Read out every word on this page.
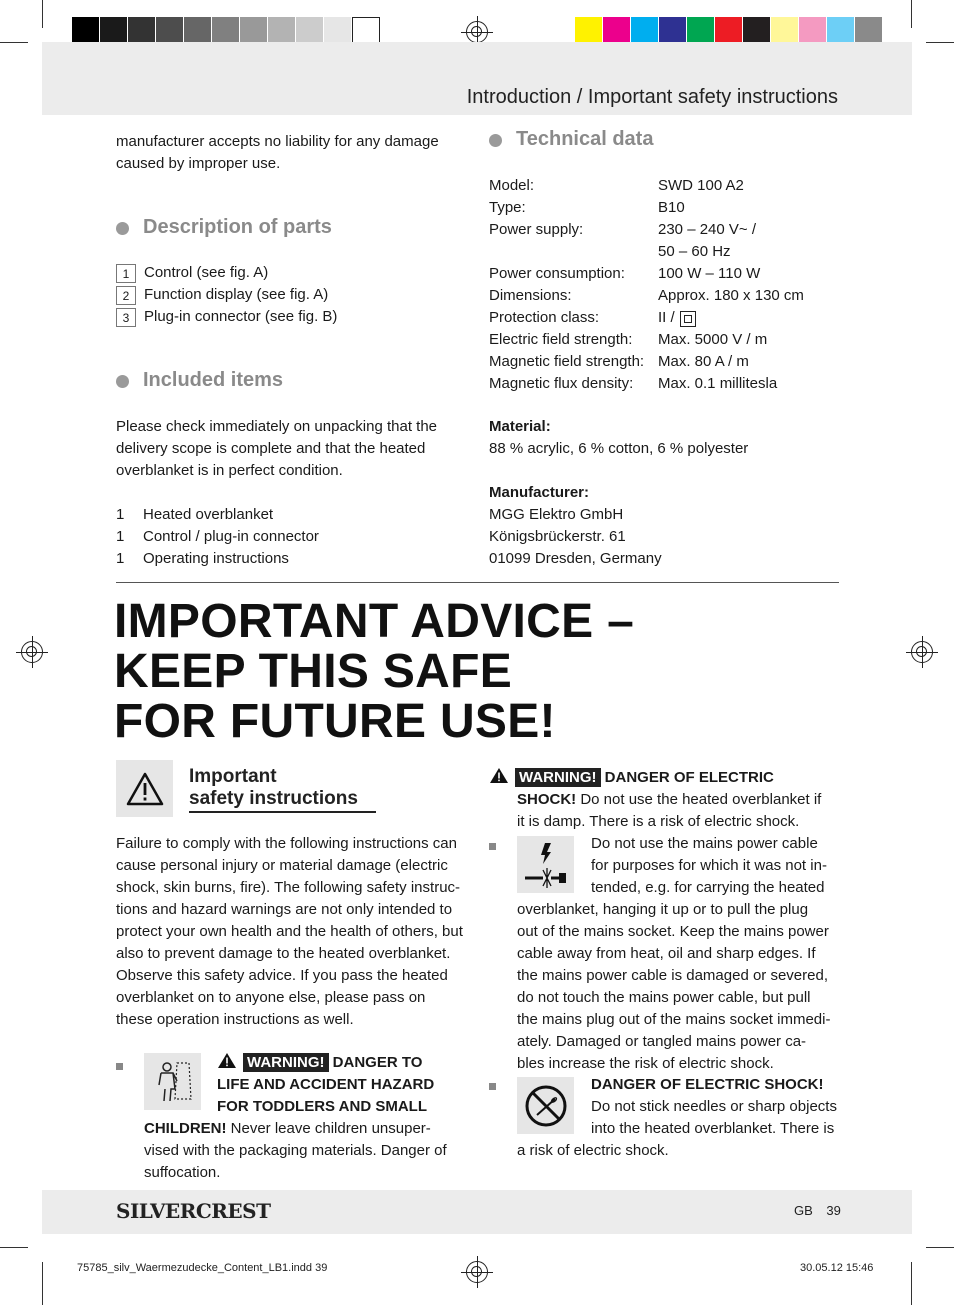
Introduction / Important safety instructions
manufacturer accepts no liability for any damage
caused by improper use.
Description of parts
1 Control (see fig. A)
2 Function display (see fig. A)
3 Plug-in connector (see fig. B)
Included items
Please check immediately on unpacking that the
delivery scope is complete and that the heated
overblanket is in perfect condition.
1 Heated overblanket
1 Control / plug-in connector
1 Operating instructions
Technical data
Model:	SWD 100 A2
Type:	B10
Power supply:	230 – 240 V~ /
50 – 60 Hz
Power consumption: 100 W – 110 W
Dimensions:	Approx. 180 x 130 cm
Protection class:	II /
Electric field strength: Max. 5000 V / m
Magnetic field strength: Max. 80 A / m
Magnetic flux density: Max. 0.1 millitesla
Material:
88 % acrylic, 6 % cotton, 6 % polyester
Manufacturer:
MGG Elektro GmbH
Königsbrückerstr. 61
01099 Dresden, Germany
IMPORTANT ADVICE –
KEEP THIS SAFE
FOR FUTURE USE!
Important
safety instructions
Failure to comply with the following instructions can
cause personal injury or material damage (electric
shock, skin burns, fire). The following safety instruc-
tions and hazard warnings are not only intended to
protect your own health and the health of others, but
also to prevent damage to the heated overblanket.
Observe this safety advice. If you pass the heated
overblanket on to anyone else, please pass on
these operation instructions as well.
WARNING! DANGER TO
LIFE AND ACCIDENT HAZARD
FOR TODDLERS AND SMALL
CHILDREN! Never leave children unsuper-
vised with the packaging materials. Danger of
suffocation.
WARNING! DANGER OF ELECTRIC
SHOCK! Do not use the heated overblanket if
it is damp. There is a risk of electric shock.
Do not use the mains power cable
for purposes for which it was not in-
tended, e.g. for carrying the heated
overblanket, hanging it up or to pull the plug
out of the mains socket. Keep the mains power
cable away from heat, oil and sharp edges. If
the mains power cable is damaged or severed,
do not touch the mains power cable, but pull
the mains plug out of the mains socket immedi-
ately. Damaged or tangled mains power ca-
bles increase the risk of electric shock.
DANGER OF ELECTRIC SHOCK!
Do not stick needles or sharp objects
into the heated overblanket. There is
a risk of electric shock.
SILVERCREST	GB 39
75785_silv_Waermezudecke_Content_LB1.indd 39	30.05.12 15:46
